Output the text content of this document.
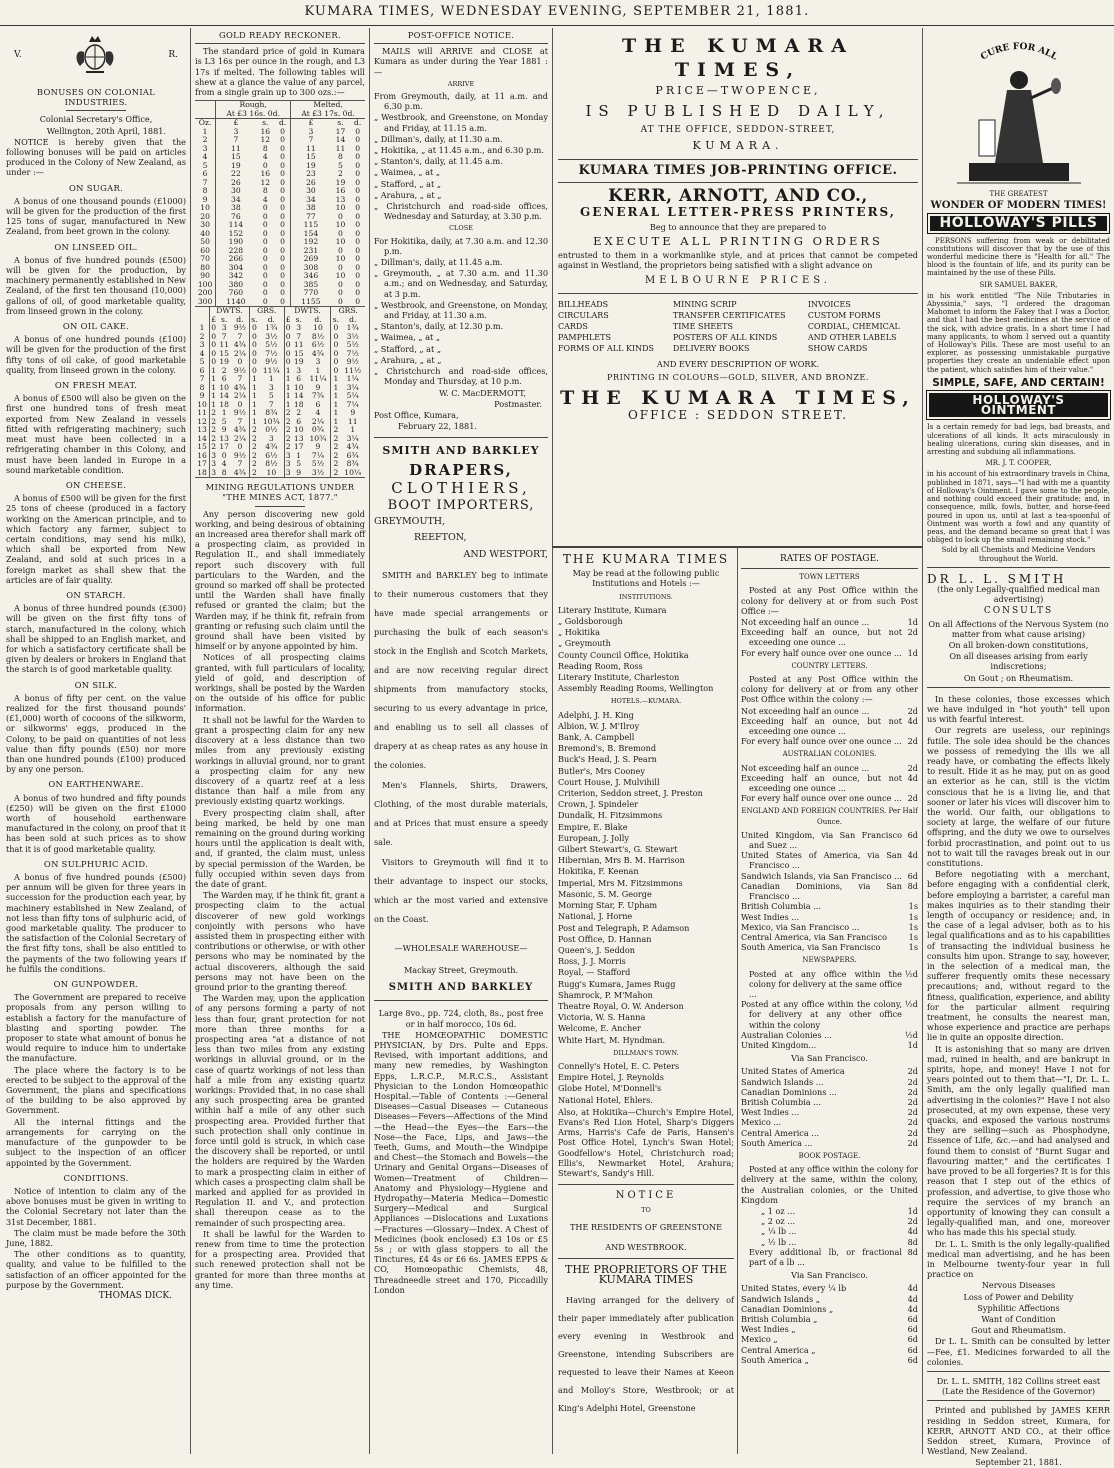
KUMARA TIMES, WEDNESDAY EVENING, SEPTEMBER 21, 1881.
V.	R.
BONUSES ON COLONIAL INDUSTRIES.

Colonial Secretary's Office,

Wellington, 20th April, 1881.

NOTICE is hereby given that the following bonuses will be paid on articles produced in the Colony of New Zealand, as under :—

ON SUGAR.

A bonus of one thousand pounds (£1000) will be given for the production of the first 125 tons of sugar, manufactured in New Zealand, from beet grown in the colony.

ON LINSEED OIL.

A bonus of five hundred pounds (£500) will be given for the production, by machinery permanently established in New Zealand, of the first ten thousand (10,000) gallons of oil, of good marketable quality, from linseed grown in the colony.

ON OIL CAKE.

A bonus of one hundred pounds (£100) will be given for the production of the first fifty tons of oil cake, of good marketable quality, from linseed grown in the colony.

ON FRESH MEAT.

A bonus of £500 will also be given on the first one hundred tons of fresh meat exported from New Zealand in vessels fitted with refrigerating machinery; such meat must have been collected in a refrigerating chamber in this Colony, and must have been landed in Europe in a sound marketable condition.

ON CHEESE.

A bonus of £500 will be given for the first 25 tons of cheese (produced in a factory working on the American principle, and to which factory any farmer, subject to certain conditions, may send his milk), which shall be exported from New Zealand, and sold at such prices in a foreign market as shall shew that the articles are of fair quality.

ON STARCH.

A bonus of three hundred pounds (£300) will be given on the first fifty tons of starch, manufactured in the colony, which shall be shipped to an English market, and for which a satisfactory certificate shall be given by dealers or brokers in England that the starch is of good marketable quality.

ON SILK.

A bonus of fifty per cent. on the value realized for the first thousand pounds' (£1,000) worth of cocoons of the silkworm, or silkworms' eggs, produced in the Colony, to be paid on quantities of not less value than fifty pounds (£50) nor more than one hundred pounds (£100) produced by any one person.

ON EARTHENWARE.

A bonus of two hundred and fifty pounds (£250) will be given on the first £1000 worth of household earthenware manufactured in the colony, on proof that it has been sold at such prices as to show that it is of good marketable quality.

ON SULPHURIC ACID.

A bonus of five hundred pounds (£500) per annum will be given for three years in succession for the production each year, by machinery established in New Zealand, of not less than fifty tons of sulphuric acid, of good marketable quality. The producer to the satisfaction of the Colonial Secretary of the first fifty tons, shall be also entitled to the payments of the two following years if he fulfils the conditions.

ON GUNPOWDER.

The Government are prepared to receive proposals from any person willing to establish a factory for the manufacture of blasting and sporting powder. The proposer to state what amount of bonus he would require to induce him to undertake the manufacture.

The place where the factory is to be erected to be subject to the approval of the Government, the plans and specifications of the building to be also approved by Government.

All the internal fittings and the arrangements for carrying on the manufacture of the gunpowder to be subject to the inspection of an officer appointed by the Government.

CONDITIONS.

Notice of intention to claim any of the above bonuses must be given in writing to the Colonial Secretary not later than the 31st December, 1881.

The claim must be made before the 30th June, 1882.

The other conditions as to quantity, quality, and value to be fulfilled to the satisfaction of an officer appointed for the purpose by the Government.

THOMAS DICK.

GOLD READY RECKONER.

The standard price of gold in Kumara is L3 16s per ounce in the rough, and L3 17s if melted. The following tables will shew at a glance the value of any parcel, from a single grain up to 300 ozs.:—

	Rough,			Melted,		
	At £3 16s. 0d.			At £3 17s. 0d.		
Oz.	£	s.	d.	£	s.	d.
1	3	16	0	3	17	0
2	7	12	0	7	14	0
3	11	8	0	11	11	0
4	15	4	0	15	8	0
5	19	0	0	19	5	0
6	22	16	0	23	2	0
7	26	12	0	26	19	0
8	30	8	0	30	16	0
9	34	4	0	34	13	0
10	38	0	0	38	10	0
20	76	0	0	77	0	0
30	114	0	0	115	10	0
40	152	0	0	154	0	0
50	190	0	0	192	10	0
60	228	0	0	231	0	0
70	266	0	0	269	10	0
80	304	0	0	308	0	0
90	342	0	0	346	10	0
100	380	0	0	385	0	0
200	760	0	0	770	0	0
300	1140	0	0	1155	0	0
	DWTS.			GRS.		DWTS.			GRS.	
	£	s.	d.	s.	d.	£	s.	d.	s.	d.
1	0	3	9½	0	1¾	0	3	10	0	1¾
2	0	7	7	0	3½	0	7	8½	0	3½
3	0	11	4¾	0	5½	0	11	6½	0	5½
4	0	15	2¼	0	7½	0	15	4¾	0	7½
5	0	19	0	0	9½	0	19	3	0	9½
6	1	2	9½	0	11¼	1	3	1	0	11½
7	1	6	7	1	1	1	6	11¼	1	1¼
8	1	10	4¾	1	3	1	10	9	1	3¼
9	1	14	2¼	1	5	1	14	7¾	1	5¼
10	1	18	0	1	7	1	18	6	1	7¼
11	2	1	9½	1	8¾	2	2	4	1	9
12	2	5	7	1	10¾	2	6	2¼	1	11
13	2	9	4¾	2	0½	2	10	0¾	2	1
14	2	13	2¼	2	3	2	13	10¾	2	3¼
15	2	17	0	2	4¾	2	17	9	2	4¾
16	3	0	9½	2	6½	3	1	7¼	2	6¾
17	3	4	7	2	8½	3	5	5½	2	8¾
18	3	8	4¾	2	10	3	9	3½	2	10¼
MINING REGULATIONS UNDER "THE MINES ACT, 1877."

Any person discovering new gold working, and being desirous of obtaining an increased area therefor shall mark off a prospecting claim, as provided in Regulation II., and shall immediately report such discovery with full particulars to the Warden, and the ground so marked off shall be protected until the Warden shall have finally refused or granted the claim; but the Warden may, if he think fit, refrain from granting or refusing such claim until the ground shall have been visited by himself or by anyone appointed by him.

Notices of all prospecting claims granted, with full particulars of locality, yield of gold, and description of workings, shall be posted by the Warden on the outside of his office for public information.

It shall not be lawful for the Warden to grant a prospecting claim for any new discovery at a less distance than two miles from any previously existing workings in alluvial ground, nor to grant a prospecting claim for any new discovery of a quartz reef at a less distance than half a mile from any previously existing quartz workings.

Every prospecting claim shall, after being marked, be held by one man remaining on the ground during working hours until the application is dealt with, and, if granted, the claim must, unless by special permission of the Warden, be fully occupied within seven days from the date of grant.

The Warden may, if he think fit, grant a prospecting claim to the actual discoverer of new gold workings conjointly with persons who have assisted them in prospecting either with contributions or otherwise, or with other persons who may be nominated by the actual discoverers, although the said persons may not have been on the ground prior to the granting thereof.

The Warden may, upon the application of any persons forming a party of not less than four, grant protection for not more than three months for a prospecting area "at a distance of not less than two miles from any existing workings in alluvial ground, or in the case of quartz workings of not less than half a mile from any existing quartz workings: Provided that, in no case shall any such prospecting area be granted within half a mile of any other such prospecting area. Provided further that such protection shall only continue in force until gold is struck, in which case the discovery shall be reported, or until the holders are required by the Warden to mark a prospecting claim in either of which cases a prospecting claim shall be marked and applied for as provided in Regulation II. and V., and protection shall thereupon cease as to the remainder of such prospecting area.

It shall be lawful for the Warden to renew from time to time the protection for a prospecting area. Provided that such renewed protection shall not be granted for more than three months at any time.

POST-OFFICE NOTICE.

MAILS will ARRIVE and CLOSE at Kumara as under during the Year 1881 :—

ARRIVE

From Greymouth, daily, at 11 a.m. and 6.30 p.m.

„ Westbrook, and Greenstone, on Monday and Friday, at 11.15 a.m.

„ Dillman's, daily, at 11.30 a.m.

„ Hokitika, „ at 11.45 a.m., and 6.30 p.m.

„ Stanton's, daily, at 11.45 a.m.

„ Waimea, „ at „

„ Stafford, „ at „

„ Arahura, „ at „

„ Christchurch and road-side offices, Wednesday and Saturday, at 3.30 p.m.

CLOSE

For Hokitika, daily, at 7.30 a.m. and 12.30 p.m.

„ Dillman's, daily, at 11.45 a.m.

„ Greymouth, „ at 7.30 a.m. and 11.30 a.m.; and on Wednesday, and Saturday, at 3 p.m.

„ Westbrook, and Greenstone, on Monday, and Friday, at 11.30 a.m.

„ Stanton's, daily, at 12.30 p.m.

„ Waimea, „ at „

„ Stafford, „ at „

„ Arahura, „ at „

„ Christchurch and road-side offices, Monday and Thursday, at 10 p.m.

W. C. MacDERMOTT,

Postmaster.

Post Office, Kumara,

February 22, 1881.

SMITH AND BARKLEY
DRAPERS,
CLOTHIERS,
BOOT IMPORTERS,

GREYMOUTH,

REEFTON,

AND WESTPORT,

SMITH and BARKLEY beg to intimate to their numerous customers that they have made special arrangements or purchasing the bulk of each season's stock in the English and Scotch Markets, and are now receiving regular direct shipments from manufactory stocks, securing to us every advantage in price, and enabling us to sell all classes of drapery at as cheap rates as any house in the colonies.

Men's Flannels, Shirts, Drawers, Clothing, of the most durable materials, and at Prices that must ensure a speedy sale.

Visitors to Greymouth will find it to their advantage to inspect our stocks, which ar the most varied and extensive on the Coast.

—WHOLESALE WAREHOUSE—
Mackay Street, Greymouth.
SMITH AND BARKLEY

Large 8vo., pp. 724, cloth, 8s., post free or in half morocco, 10s 6d.

THE HOMŒOPATHIC DOMESTIC PHYSICIAN, by Drs. Pulte and Epps. Revised, with important additions, and many new remedies, by Washington Epps, L.R.C.P., M.R.C.S., Assistant Physician to the London Homœopathic Hospital.—Table of Contents :—General Diseases—Casual Diseases — Cutaneous Diseases—Fevers—Affections of the Mind —the Head—the Eyes—the Ears—the Nose—the Face, Lips, and Jaws—the Teeth, Gums, and Mouth—the Windpipe and Chest—the Stomach and Bowels—the Urinary and Genital Organs—Diseases of Women—Treatment of Children—Anatomy and Physiology—Hygiene and Hydropathy—Materia Medica—Domestic Surgery—Medical and Surgical Appliances —Dislocations and Luxations—Fractures —Glossary—Index. A Chest of Medicines (book enclosed) £3 10s or £5 5s ; or with glass stoppers to all the Tinctures, £4 4s or £6 6s. JAMES EPPS & CO, Homœopathic Chemists, 48, Threadneedle street and 170, Piccadilly London

THE KUMARA TIMES,
PRICE—TWOPENCE,
IS PUBLISHED DAILY,
AT THE OFFICE, SEDDON-STREET,
KUMARA.
KUMARA TIMES JOB-PRINTING OFFICE.
KERR, ARNOTT, AND CO.,
GENERAL LETTER-PRESS PRINTERS,
Beg to announce that they are prepared to
EXECUTE ALL PRINTING ORDERS

entrusted to them in a workmanlike style, and at prices that cannot be competed against in Westland, the proprietors being satisfied with a slight advance on

MELBOURNE PRICES.
BILLHEADS	MINING SCRIP	INVOICES
CIRCULARS	TRANSFER CERTIFICATES	CUSTOM FORMS
CARDS	TIME SHEETS	CORDIAL, CHEMICAL
PAMPHLETS	POSTERS OF ALL KINDS	AND OTHER LABELS
FORMS OF ALL KINDS	DELIVERY BOOKS	SHOW CARDS
AND EVERY DESCRIPTION OF WORK.
PRINTING IN COLOURS—GOLD, SILVER, AND BRONZE.
THE KUMARA TIMES,
OFFICE : SEDDON STREET.
THE KUMARA TIMES

May be read at the following public Institutions and Hotels :—

INSTITUTIONS.

Literary Institute, Kumara

„ Goldsborough

„ Hokitika

„ Greymouth

County Council Office, Hokitika

Reading Room, Ross

Literary Institute, Charleston

Assembly Reading Rooms, Wellington

HOTELS.—KUMARA.

Adelphi, J. H. King

Albion, W. J. M'Ilroy

Bank, A. Campbell

Bremond's, B. Bremond

Buck's Head, J. S. Pearn

Butler's, Mrs Cooney

Court House, J. Mulvihill

Criterion, Seddon street, J. Preston

Crown, J. Spindeler

Dundalk, H. Fitzsimmons

Empire, E. Blake

European, J. Jolly

Gilbert Stewart's, G. Stewart

Hibernian, Mrs B. M. Harrison

Hokitika, F. Keenan

Imperial, Mrs M. Fitzsimmons

Masonic, S. M. George

Morning Star, F. Upham

National, J. Horne

Post and Telegraph, P. Adamson

Post Office, D. Hannan

Queen's, J. Seddon

Ross, J. J. Morris

Royal, — Stafford

Rugg's Kumara, James Rugg

Shamrock, P. M'Mahon

Theatre Royal, O. W. Anderson

Victoria, W. S. Hanna

Welcome, E. Ancher

White Hart, M. Hyndman.

DILLMAN'S TOWN.

Connelly's Hotel, E. C. Peters

Empire Hotel, J. Reynolds

Globe Hotel, M'Donnell's

National Hotel, Ehlers.

Also, at Hokitika—Church's Empire Hotel, Evans's Red Lion Hotel, Sharp's Diggers Arms, Harris's Cafe de Paris, Hansen's Post Office Hotel, Lynch's Swan Hotel; Goodfellow's Hotel, Christchurch road; Ellis's, Newmarket Hotel, Arahura; Stewart's, Sandy's Hill.

NOTICE
TO
THE RESIDENTS OF GREENSTONE
AND WESTBROOK.
THE PROPRIETORS OF THE KUMARA TIMES

Having arranged for the delivery of their paper immediately after publication every evening in Westbrook and Greenstone, intending Subscribers are requested to leave their Names at Keeon and Molloy's Store, Westbrook; or at King's Adelphi Hotel, Greenstone

RATES OF POSTAGE.
TOWN LETTERS

Posted at any Post Office within the colony for delivery at or from such Post Office :—

Not exceeding half an ounce ...	1d
Exceeding half an ounce, but not exceeding one ounce ...
2d
For every half ounce over one ounce ... 1d
COUNTRY LETTERS.

Posted at any Post Office within the colony for delivery at or from any other Post Office within the colony :—

Not exceeding half an ounce ...	2d
Exceeding half an ounce, but not exceeding one ounce ...
4d
For every half ounce over one ounce ... 2d
AUSTRALIAN COLONIES.
Not exceeding half an ounce ...	2d
Exceeding half an ounce, but not exceeding one ounce ...
4d
For every half ounce over one ounce ... 2d
ENGLAND AND FOREIGN COUNTRIES. Per Half Ounce.
United Kingdom, via San Francisco and Suez ...
6d
United States of America, via San Francisco ...
4d
Sandwich Islands, via San Francisco ... 6d
Canadian Dominions, via San Francisco ...
8d
British Columbia ...	1s
West Indies ...	1s
Mexico, via San Francisco ...	1s
Central America, via San Francisco	1s
South America, via San Francisco	1s
NEWSPAPERS.
Posted at any office within the colony for delivery at the same office ...
½d
Posted at any office within the colony, for delivery at any other office within the colony
½d
Australian Colonies ...	½d
United Kingdom...	1d
Via San Francisco.
United States of America	2d
Sandwich Islands ...	2d
Canadian Dominions ...	2d
British Columbia ...	2d
West Indies ...	2d
Mexico ...	2d
Central America ...	2d
South America ...	2d
BOOK POSTAGE.

Posted at any office within the colony for delivery at the same, within the colony, the Australian colonies, or the United Kingdom

„ 1 oz ...	1d
„ 2 oz ...	2d
„ ¼ lb ...	4d
„ ½ lb ...	8d
Every additional lb, or fractional part of a lb ...
8d
Via San Francisco.
United States, every ¼ lb	4d
Sandwich Islands „	4d
Canadian Dominions „	4d
British Columbia „	6d
West Indies „	6d
Mexico „	6d
Central America „	6d
South America „	6d
CURE FOR ALL
THE GREATEST
WONDER OF MODERN TIMES!
HOLLOWAY'S PILLS

PERSONS suffering from weak or debilitated constitutions will discover that by the use of this wonderful medicine there is "Health for all." The blood is the fountain of life, and its purity can be maintained by the use of these Pills.

SIR SAMUEL BAKER,

in his work entitled "The Nile Tributaries in Abyssinia," says, "I ordered the dragoman Mahomet to inform the Fakey that I was a Doctor, and that I had the best medicines at the service of the sick, with advice gratis. In a short time I had many applicants, to whom I served out a quantity of Holloway's Pills. These are most useful to an explorer, as possessing unmistakable purgative properties they create an undeniable effect upon the patient, which satisfies him of their value."

SIMPLE, SAFE, AND CERTAIN!
HOLLOWAY'S OINTMENT

Is a certain remedy for bad legs, bad breasts, and ulcerations of all kinds. It acts miraculously in healing ulcerations, curing skin diseases, and in arresting and subduing all inflammations.

MR. J. T. COOPER,

in his account of his extraordinary travels in China, published in 1871, says—"I had with me a quantity of Holloway's Ointment. I gave some to the people, and nothing could exceed their gratitude; and, in consequence, milk, fowls, butter, and horse-feed poured in upon us, until at last a tea-spoonful of Ointment was worth a fowl and any quantity of peas, and the demand became so great that I was obliged to lock up the small remaining stock."

Sold by all Chemists and Medicine Vendors throughout the World.

DR L. L. SMITH

(the only Legally-qualified medical man advertising)

CONSULTS

On all Affections of the Nervous System (no matter from what cause arising)

On all broken-down constitutions,

On all diseases arising from early indiscretions;

On Gout ; on Rheumatism.

In these colonies, those excesses which we have indulged in "hot youth" tell upon us with fearful interest.

Our regrets are useless, our repinings futile. The sole idea should be the chances we possess of remedying the ills we all ready have, or combating the effects likely to result. Hide it as he may, put on as good an exterior as he can, still is the victim conscious that he is a living lie, and that sooner or later his vices will discover him to the world. Our faith, our obligations to society at large, the welfare of our future offspring, and the duty we owe to ourselves forbid procrastination, and point out to us not to wait till the ravages break out in our constitutions.

Before negotiating with a merchant, before engaging with a confidential clerk, before employing a barrister, a careful man makes inquiries as to their standing their length of occupancy or residence; and, in the case of a legal adviser, both as to his legal qualifications and as to his capabilities of transacting the individual business he consults him upon. Strange to say, however, in the selection of a medical man, the sufferer frequently omits these necessary precautions; and, without regard to the fitness, qualification, experience, and ability for the particular ailment requiring treatment, he consults the nearest man, whose experience and practice are perhaps lie in quite an opposite direction.

It is astonishing that so many are driven mad, ruined in health, and are bankrupt in spirits, hope, and money! Have I not for years pointed out to them that—"I, Dr. L. L. Smith, am the only legally qualified man advertising in the colonies?" Have I not also prosecuted, at my own expense, these very quacks, and exposed the various nostrums they are selling—such as Phosphodyne, Essence of Life, &c.—and had analysed and found them to consist of "Burnt Sugar and flavouring matter," and the certificates I have proved to be all forgeries? It is for this reason that I step out of the ethics of profession, and advertise, to give those who require the services of my branch an opportunity of knowing they can consult a legally-qualified man, and one, moreover who has made this his special study.

Dr. L. L. Smith is the only legally-qualified medical man advertising, and he has been in Melbourne twenty-four year in full practice on

Nervous Diseases

Loss of Power and Debility

Syphilitic Affections

Want of Condition

Gout and Rheumatism.

Dr L. L. Smith can be consulted by letter—Fee, £1. Medicines forwarded to all the colonies.

Dr. L. L. SMITH, 182 Collins street east (Late the Residence of the Governor)

Printed and published by JAMES KERR residing in Seddon street, Kumara, for KERR, ARNOTT AND CO., at their office Seddon street, Kumara, Province of Westland, New Zealand.

September 21, 1881.
